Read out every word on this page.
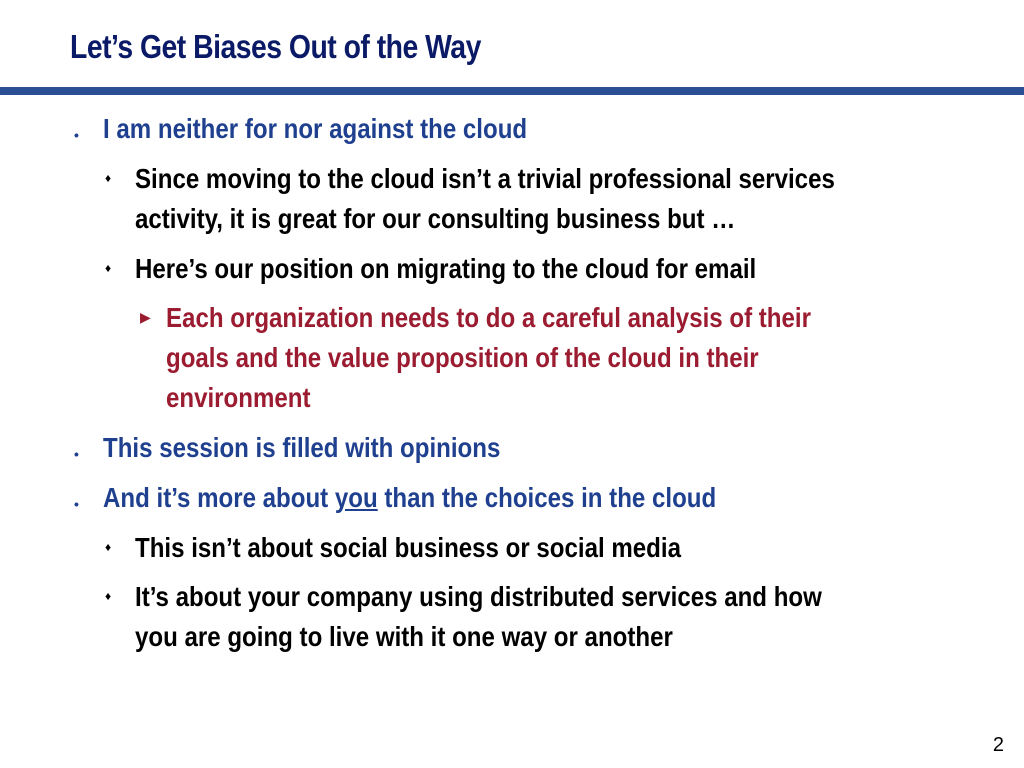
Let’s Get Biases Out of the Way
• I am neither for nor against the cloud
♦ Since moving to the cloud isn’t a trivial professional services
activity, it is great for our consulting business but …
♦ Here’s our position on migrating to the cloud for email
▶ Each organization needs to do a careful analysis of their
goals and the value proposition of the cloud in their
environment
• This session is filled with opinions
• And it’s more about you than the choices in the cloud
♦ This isn’t about social business or social media
♦ It’s about your company using distributed services and how
you are going to live with it one way or another
2
